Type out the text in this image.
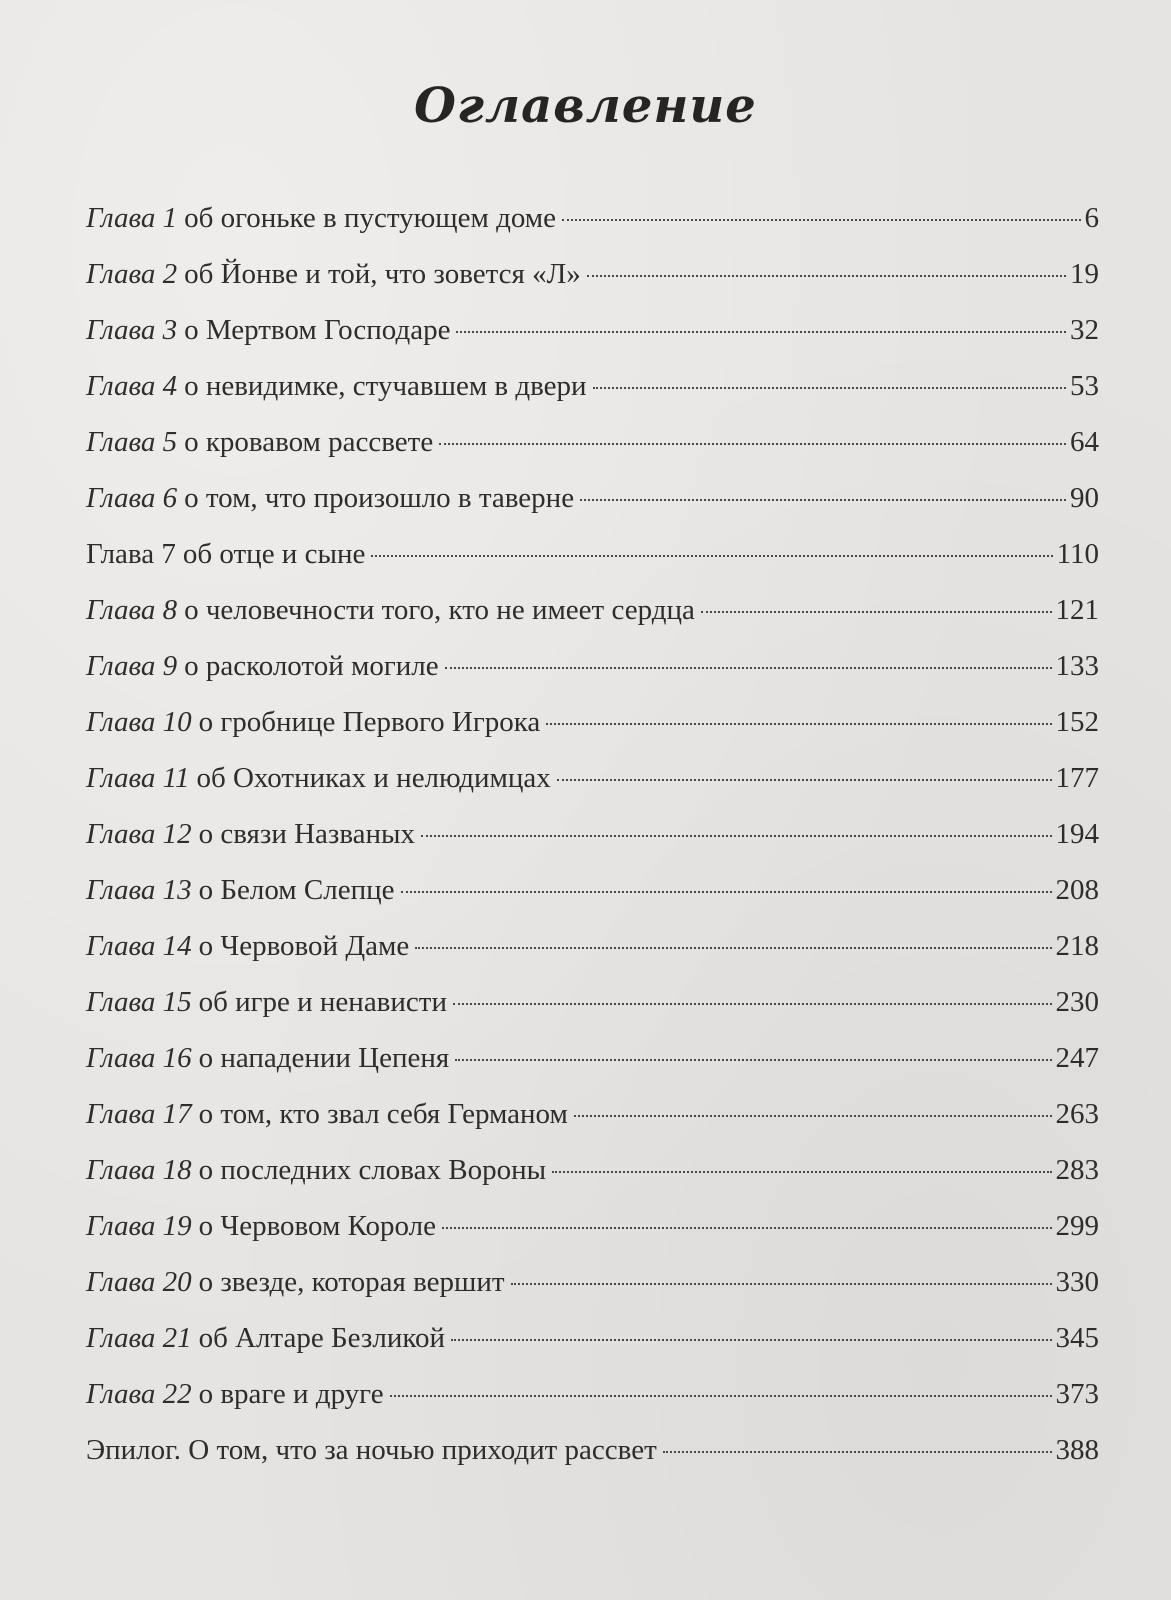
Оглавление
Глава 1 об огоньке в пустующем доме	6
Глава 2 об Йонве и той, что зовется «Л»	19
Глава 3 о Мертвом Господаре	32
Глава 4 о невидимке, стучавшем в двери	53
Глава 5 о кровавом рассвете	64
Глава 6 о том, что произошло в таверне	90
Глава 7 об отце и сыне	110
Глава 8 о человечности того, кто не имеет сердца	121
Глава 9 о расколотой могиле	133
Глава 10 о гробнице Первого Игрока	152
Глава 11 об Охотниках и нелюдимцах	177
Глава 12 о связи Названых	194
Глава 13 о Белом Слепце	208
Глава 14 о Червовой Даме	218
Глава 15 об игре и ненависти	230
Глава 16 о нападении Цепеня	247
Глава 17 о том, кто звал себя Германом	263
Глава 18 о последних словах Вороны	283
Глава 19 о Червовом Короле	299
Глава 20 о звезде, которая вершит	330
Глава 21 об Алтаре Безликой	345
Глава 22 о враге и друге	373
Эпилог. О том, что за ночью приходит рассвет	388
